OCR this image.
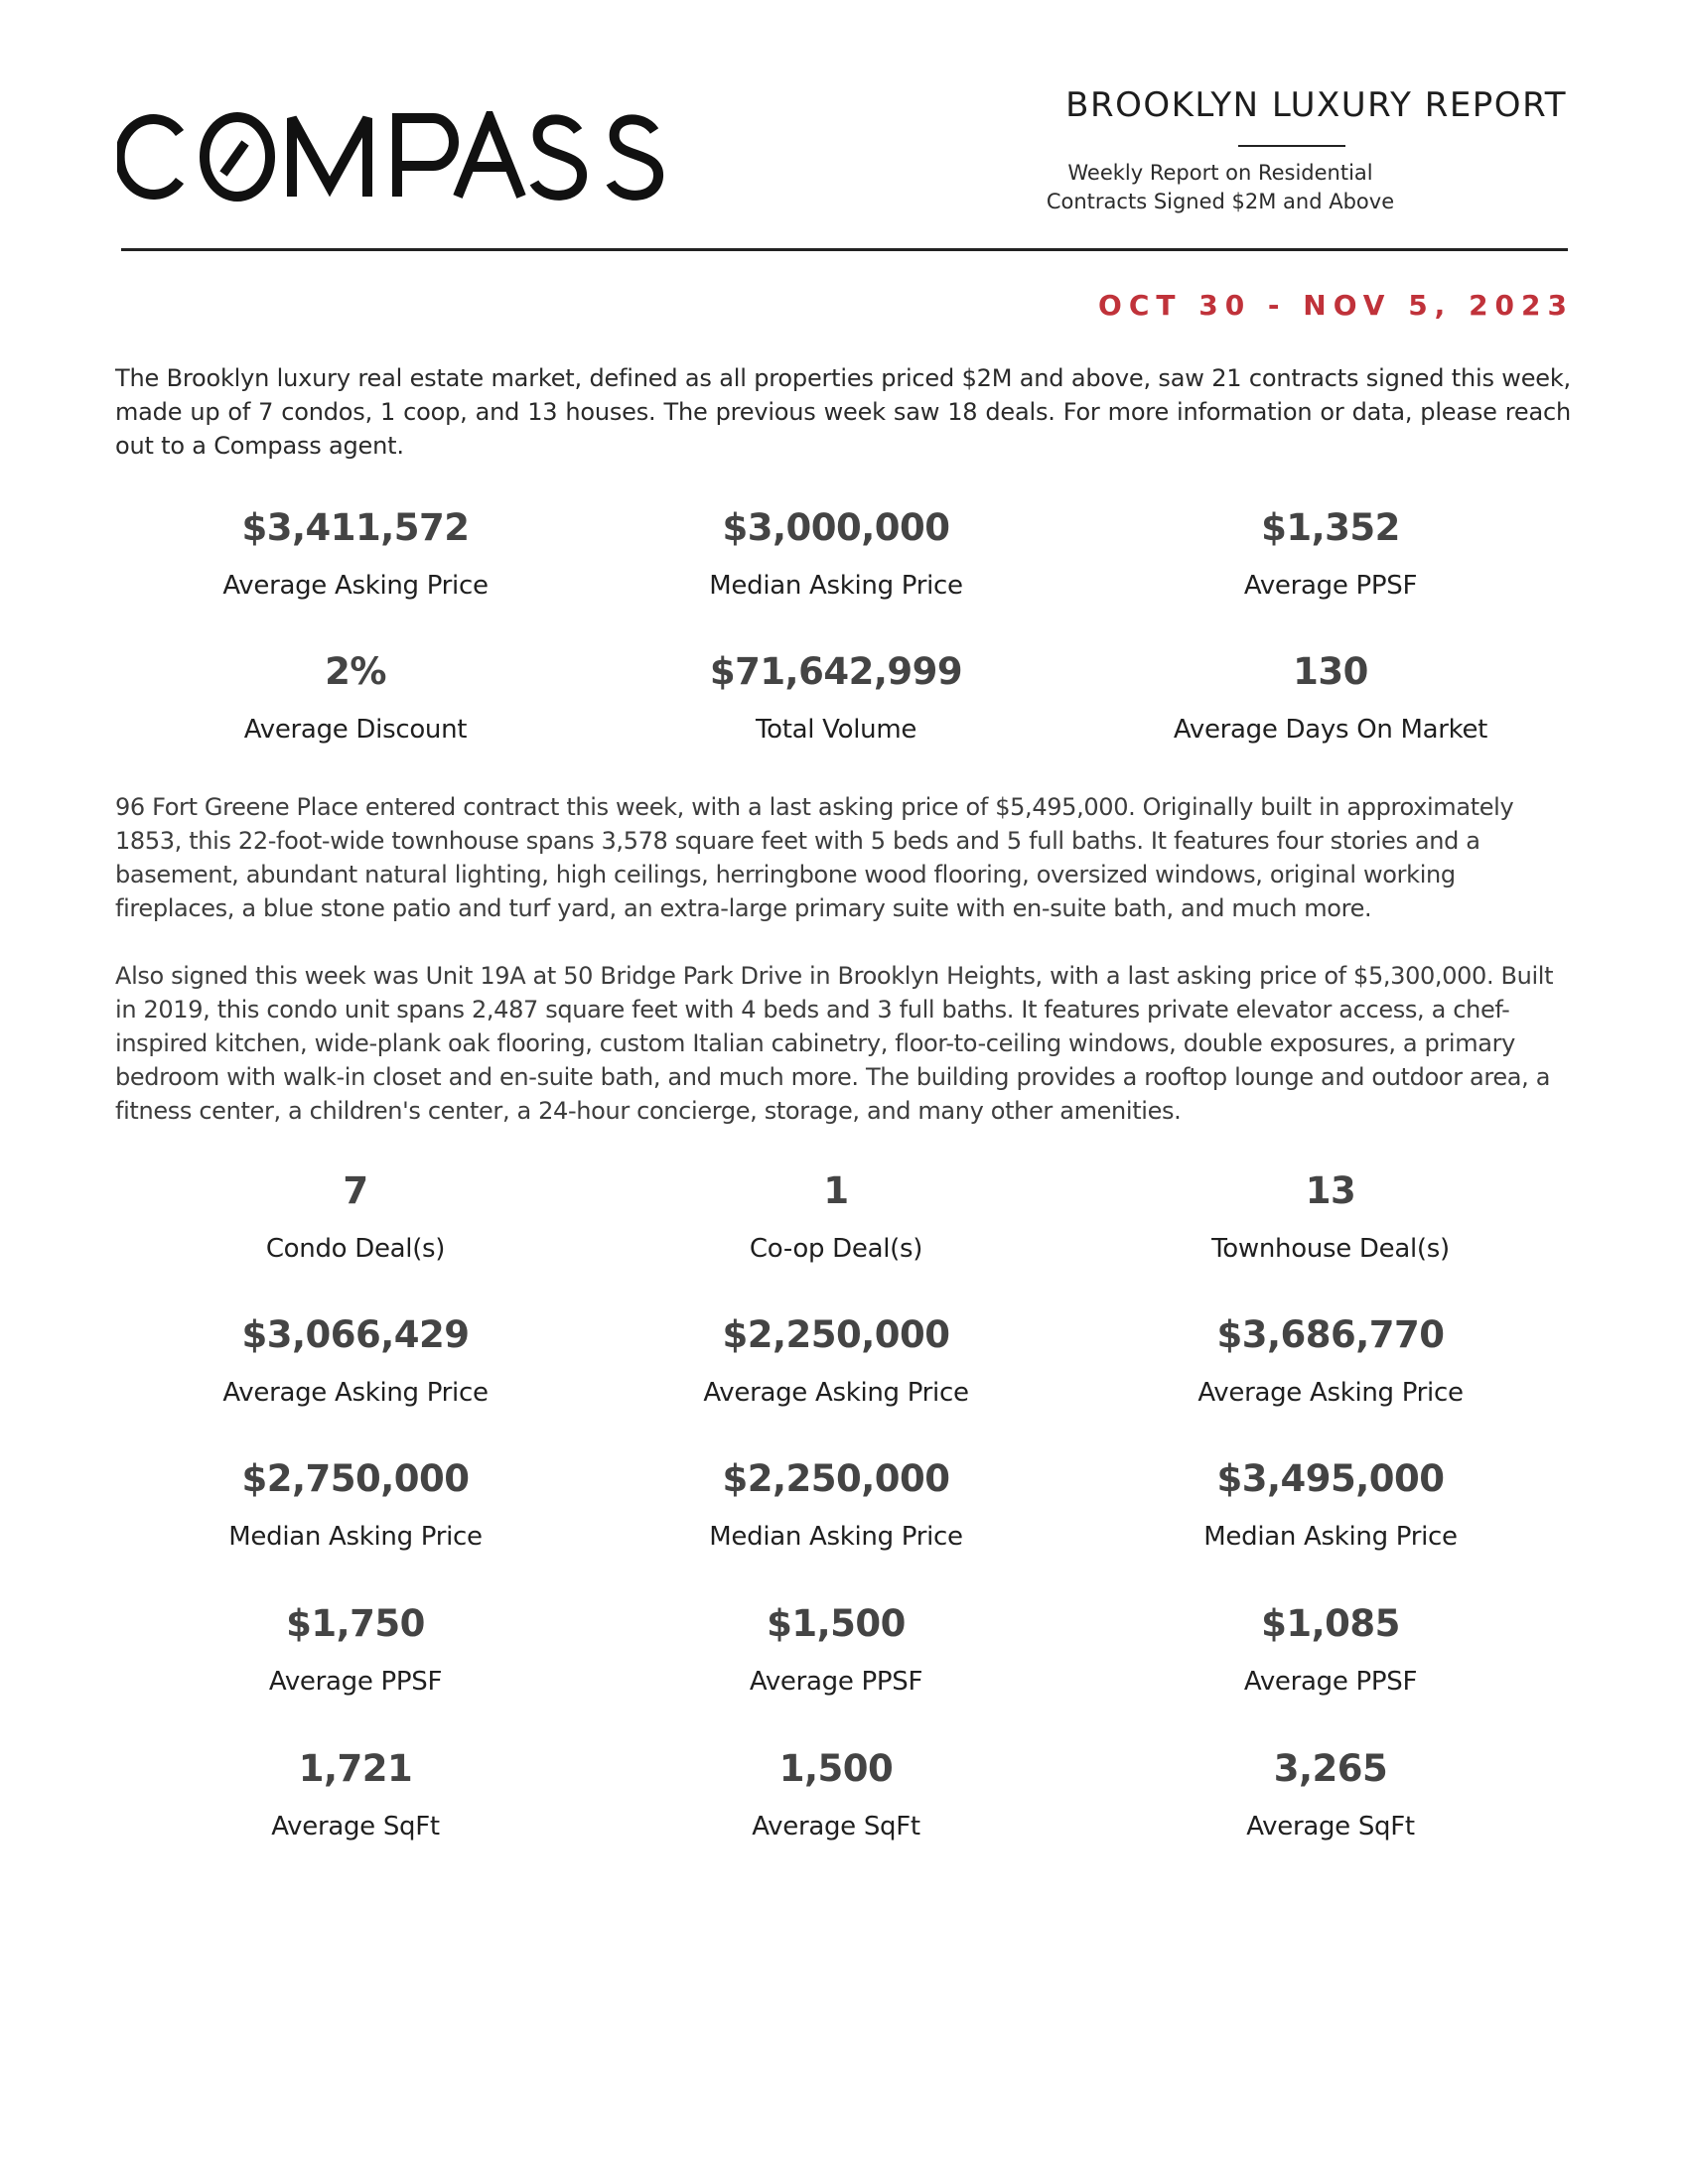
BROOKLYN LUXURY REPORT
Weekly Report on Residential
Contracts Signed $2M and Above
OCT 30 - NOV 5, 2023
The Brooklyn luxury real estate market, defined as all properties priced $2M and above, saw 21 contracts signed this week, made up of 7 condos, 1 coop, and 13 houses. The previous week saw 18 deals. For more information or data, please reach out to a Compass agent.
$3,411,572
Average Asking Price
$3,000,000
Median Asking Price
$1,352
Average PPSF
2%
Average Discount
$71,642,999
Total Volume
130
Average Days On Market
96 Fort Greene Place entered contract this week, with a last asking price of $5,495,000. Originally built in approximately 1853, this 22-foot-wide townhouse spans 3,578 square feet with 5 beds and 5 full baths. It features four stories and a basement, abundant natural lighting, high ceilings, herringbone wood flooring, oversized windows, original working fireplaces, a blue stone patio and turf yard, an extra-large primary suite with en-suite bath, and much more.
Also signed this week was Unit 19A at 50 Bridge Park Drive in Brooklyn Heights, with a last asking price of $5,300,000. Built in 2019, this condo unit spans 2,487 square feet with 4 beds and 3 full baths. It features private elevator access, a chef-inspired kitchen, wide-plank oak flooring, custom Italian cabinetry, floor-to-ceiling windows, double exposures, a primary bedroom with walk-in closet and en-suite bath, and much more. The building provides a rooftop lounge and outdoor area, a fitness center, a children's center, a 24-hour concierge, storage, and many other amenities.
7
Condo Deal(s)
$3,066,429
Average Asking Price
$2,750,000
Median Asking Price
$1,750
Average PPSF
1,721
Average SqFt
1
Co-op Deal(s)
$2,250,000
Average Asking Price
$2,250,000
Median Asking Price
$1,500
Average PPSF
1,500
Average SqFt
13
Townhouse Deal(s)
$3,686,770
Average Asking Price
$3,495,000
Median Asking Price
$1,085
Average PPSF
3,265
Average SqFt
